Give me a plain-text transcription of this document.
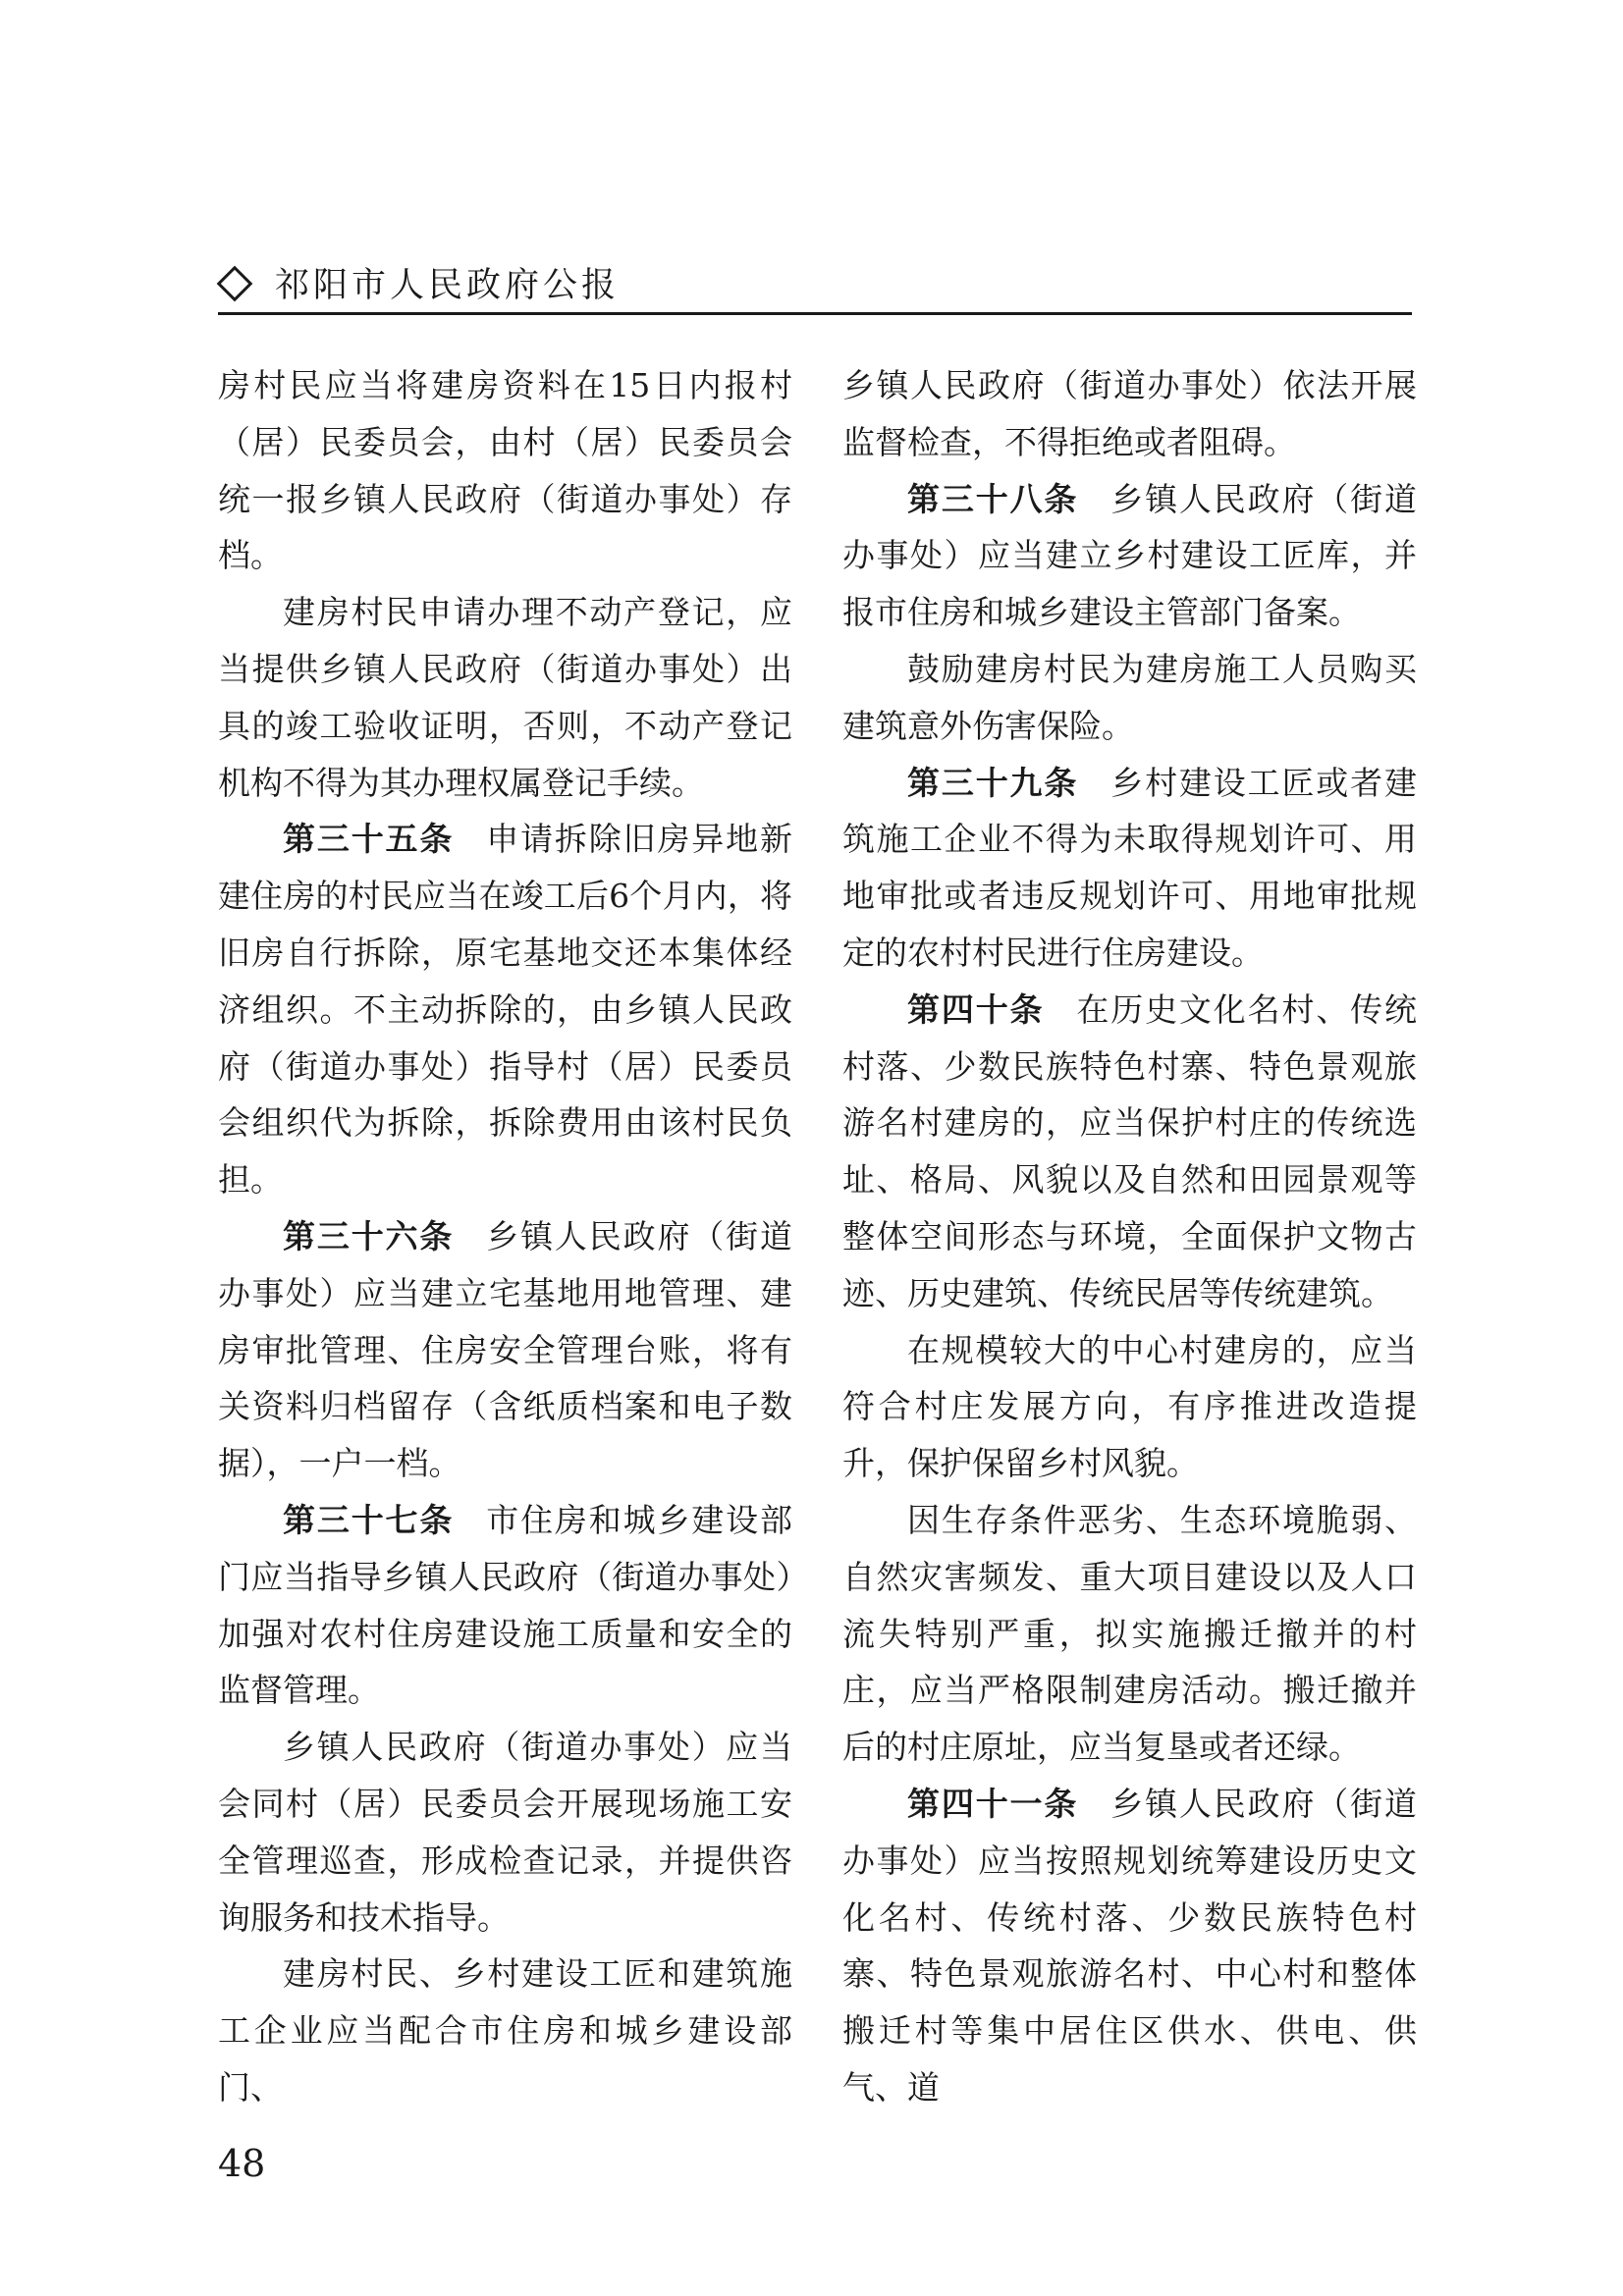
祁阳市人民政府公报

房村民应当将建房资料在15日内报村（居）民委员会，由村（居）民委员会统一报乡镇人民政府（街道办事处）存档。

建房村民申请办理不动产登记，应当提供乡镇人民政府（街道办事处）出具的竣工验收证明，否则，不动产登记机构不得为其办理权属登记手续。

第三十五条 申请拆除旧房异地新建住房的村民应当在竣工后6个月内，将旧房自行拆除，原宅基地交还本集体经济组织。不主动拆除的，由乡镇人民政府（街道办事处）指导村（居）民委员会组织代为拆除，拆除费用由该村民负担。

第三十六条 乡镇人民政府（街道办事处）应当建立宅基地用地管理、建房审批管理、住房安全管理台账，将有关资料归档留存（含纸质档案和电子数据），一户一档。

第三十七条 市住房和城乡建设部门应当指导乡镇人民政府（街道办事处）加强对农村住房建设施工质量和安全的监督管理。

乡镇人民政府（街道办事处）应当会同村（居）民委员会开展现场施工安全管理巡查，形成检查记录，并提供咨询服务和技术指导。

建房村民、乡村建设工匠和建筑施工企业应当配合市住房和城乡建设部门、

乡镇人民政府（街道办事处）依法开展监督检查，不得拒绝或者阻碍。

第三十八条 乡镇人民政府（街道办事处）应当建立乡村建设工匠库，并报市住房和城乡建设主管部门备案。

鼓励建房村民为建房施工人员购买建筑意外伤害保险。

第三十九条 乡村建设工匠或者建筑施工企业不得为未取得规划许可、用地审批或者违反规划许可、用地审批规定的农村村民进行住房建设。

第四十条 在历史文化名村、传统村落、少数民族特色村寨、特色景观旅游名村建房的，应当保护村庄的传统选址、格局、风貌以及自然和田园景观等整体空间形态与环境，全面保护文物古迹、历史建筑、传统民居等传统建筑。

在规模较大的中心村建房的，应当符合村庄发展方向，有序推进改造提升，保护保留乡村风貌。

因生存条件恶劣、生态环境脆弱、自然灾害频发、重大项目建设以及人口流失特别严重，拟实施搬迁撤并的村庄，应当严格限制建房活动。搬迁撤并后的村庄原址，应当复垦或者还绿。

第四十一条 乡镇人民政府（街道办事处）应当按照规划统筹建设历史文化名村、传统村落、少数民族特色村寨、特色景观旅游名村、中心村和整体搬迁村等集中居住区供水、供电、供气、道

48
